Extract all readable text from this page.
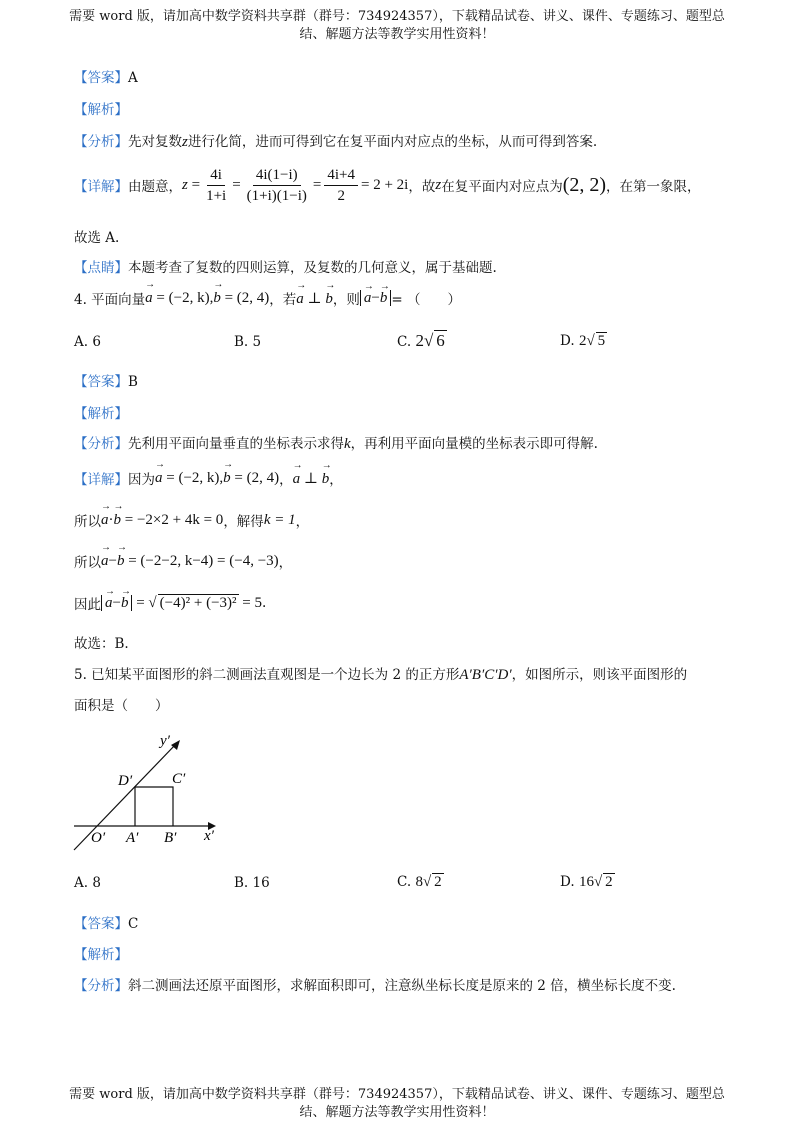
需要 word 版，请加高中数学资料共享群（群号：734924357），下载精品试卷、讲义、课件、专题练习、题型总
结、解题方法等教学实用性资料！
【答案】A
【解析】
【分析】先对复数z进行化简，进而可得到它在复平面内对应点的坐标，从而可得到答案.
【详解】 由题意， $z = \frac{4i}{1+i} = \frac{4i(1-i)}{(1+i)(1-i)} = \frac{4i+4}{2} = 2 + 2i$ ，故 z 在复平面内对应点为 (2, 2) ，在第一象限，
故选 A.
【点睛】本题考查了复数的四则运算，及复数的几何意义，属于基础题.
4. 平面向量 → a = (−2, k),→ b = (2, 4) ，若 → a ⊥ → b ，则 → a−→ b = （　　）
A. 6	B. 5	C. 2√ 6	D. 2√ 5
【答案】B
【解析】
【分析】先利用平面向量垂直的坐标表示求得k，再利用平面向量模的坐标表示即可得解.
【详解】 因为 → a = (−2, k),→ b = (2, 4) ， → a ⊥ → b ，
所以 → a·→ b = −2×2 + 4k = 0 ，解得 k = 1 ，
所以 → a−→ b = (−2−2, k−4) = (−4, −3) ，
因此 → a−→ b = √ (−4)² + (−3)² = 5 .
故选：B.
5. 已知某平面图形的斜二测画法直观图是一个边长为 2 的正方形A′B′C′D′，如图所示，则该平面图形的
面积是（　　）
y′
x′
O′ A′ B′
C′
D′
A. 8	B. 16	C. 8√ 2	D. 16√ 2
【答案】C
【解析】
【分析】斜二测画法还原平面图形，求解面积即可，注意纵坐标长度是原来的 2 倍，横坐标长度不变.
需要 word 版，请加高中数学资料共享群（群号：734924357），下载精品试卷、讲义、课件、专题练习、题型总
结、解题方法等教学实用性资料！
